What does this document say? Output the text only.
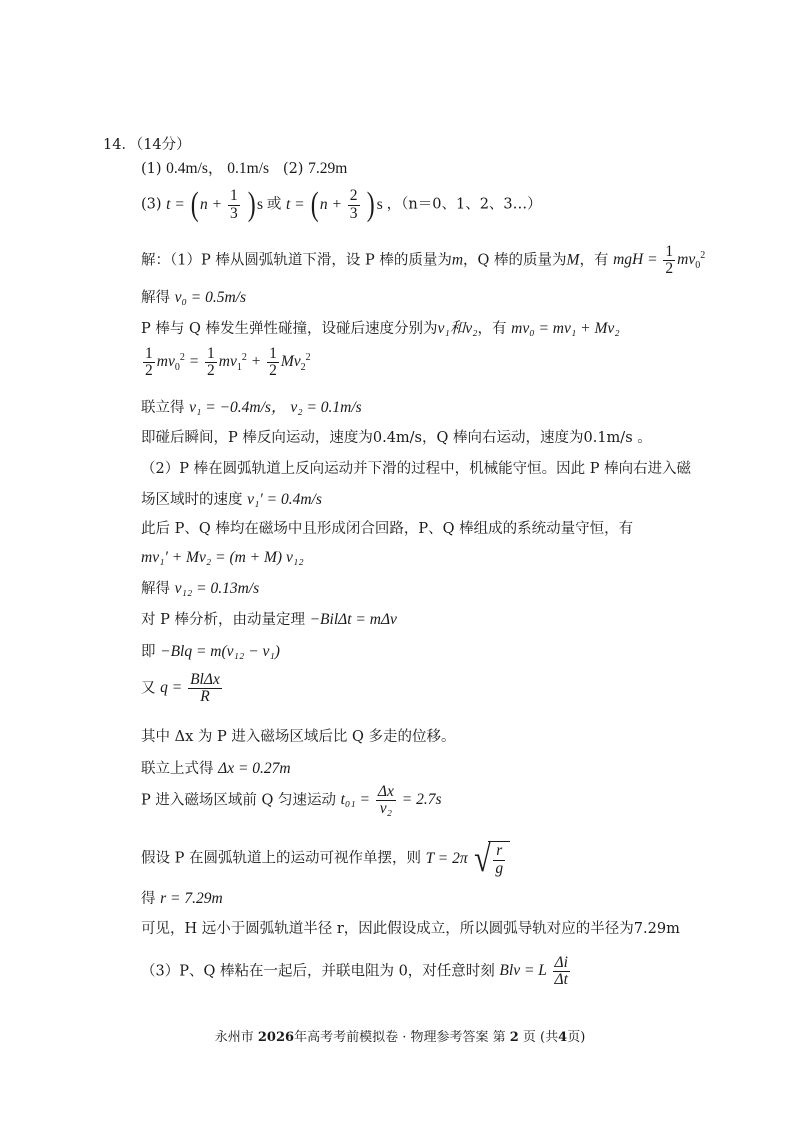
14．（14分）
(1) 0.4m/s， 0.1m/s (2) 7.29m
(3) t = ( $n + \frac{1}{3}$ ) s 或 t = ( $n + \frac{2}{3}$ ) s ，（n＝0、1、2、3…）
解：（1）P 棒从圆弧轨道下滑，设 P 棒的质量为m，Q 棒的质量为M，有 mgH = $\frac{1}{2} mv_0^2$
解得 v₀ = 0.5m/s
P 棒与 Q 棒发生弹性碰撞，设碰后速度分别为v₁和v₂，有 mv₀ = mv₁ + Mv₂
$\frac{1}{2} mv_0^2 = \frac{1}{2} mv_1^2 + \frac{1}{2} Mv_2^2$
联立得 v₁ = −0.4m/s， v₂ = 0.1m/s
即碰后瞬间，P 棒反向运动，速度为0.4m/s，Q 棒向右运动，速度为0.1m/s 。
（2）P 棒在圆弧轨道上反向运动并下滑的过程中，机械能守恒。因此 P 棒向右进入磁
场区域时的速度 v₁′ = 0.4m/s
此后 P、Q 棒均在磁场中且形成闭合回路，P、Q 棒组成的系统动量守恒，有
mv₁′ + Mv₂ = (m + M) v₁₂
解得 v₁₂ = 0.13m/s
对 P 棒分析，由动量定理 −BilΔt = mΔv
即 −Blq = m(v₁₂ − v₁)
又 $q = \frac{\text{BlΔx}}{R}$
其中 Δx 为 P 进入磁场区域后比 Q 多走的位移。
联立上式得 Δx = 0.27m
P 进入磁场区域前 Q 匀速运动 $t_{01} = \frac{\Delta x}{\text{v₂}} = 2.7s$
假设 P 在圆弧轨道上的运动可视作单摆，则 T = 2π √ $\frac{r}{g}$
得 r = 7.29m
可见，H 远小于圆弧轨道半径 r，因此假设成立，所以圆弧导轨对应的半径为7.29m
（3）P、Q 棒粘在一起后，并联电阻为 0，对任意时刻 Blv = L $\frac{\Delta i}{\Delta t}$
永州市 2026年高考考前模拟卷 · 物理参考答案 第 2 页 (共4页)
